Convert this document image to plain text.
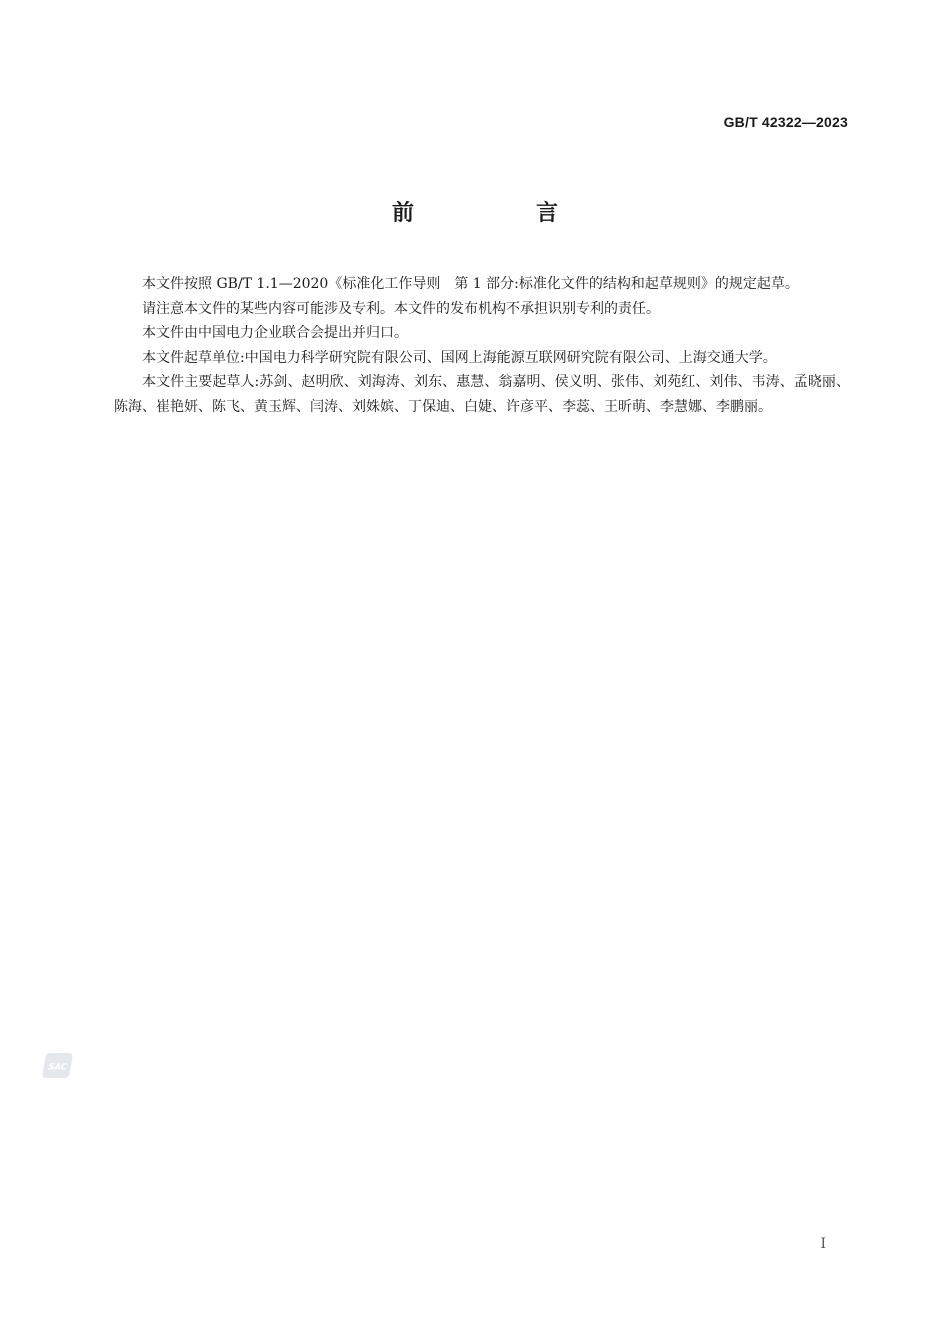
GB/T 42322—2023
前　言

本文件按照 GB/T 1.1—2020《标准化工作导则　第 1 部分:标准化文件的结构和起草规则》的规定起草。

请注意本文件的某些内容可能涉及专利。本文件的发布机构不承担识别专利的责任。

本文件由中国电力企业联合会提出并归口。

本文件起草单位:中国电力科学研究院有限公司、国网上海能源互联网研究院有限公司、上海交通大学。

本文件主要起草人:苏剑、赵明欣、刘海涛、刘东、惠慧、翁嘉明、侯义明、张伟、刘苑红、刘伟、韦涛、孟晓丽、陈海、崔艳妍、陈飞、黄玉辉、闫涛、刘姝嫔、丁保迪、白婕、许彦平、李蕊、王昕萌、李慧娜、李鹏丽。

SAC
I
